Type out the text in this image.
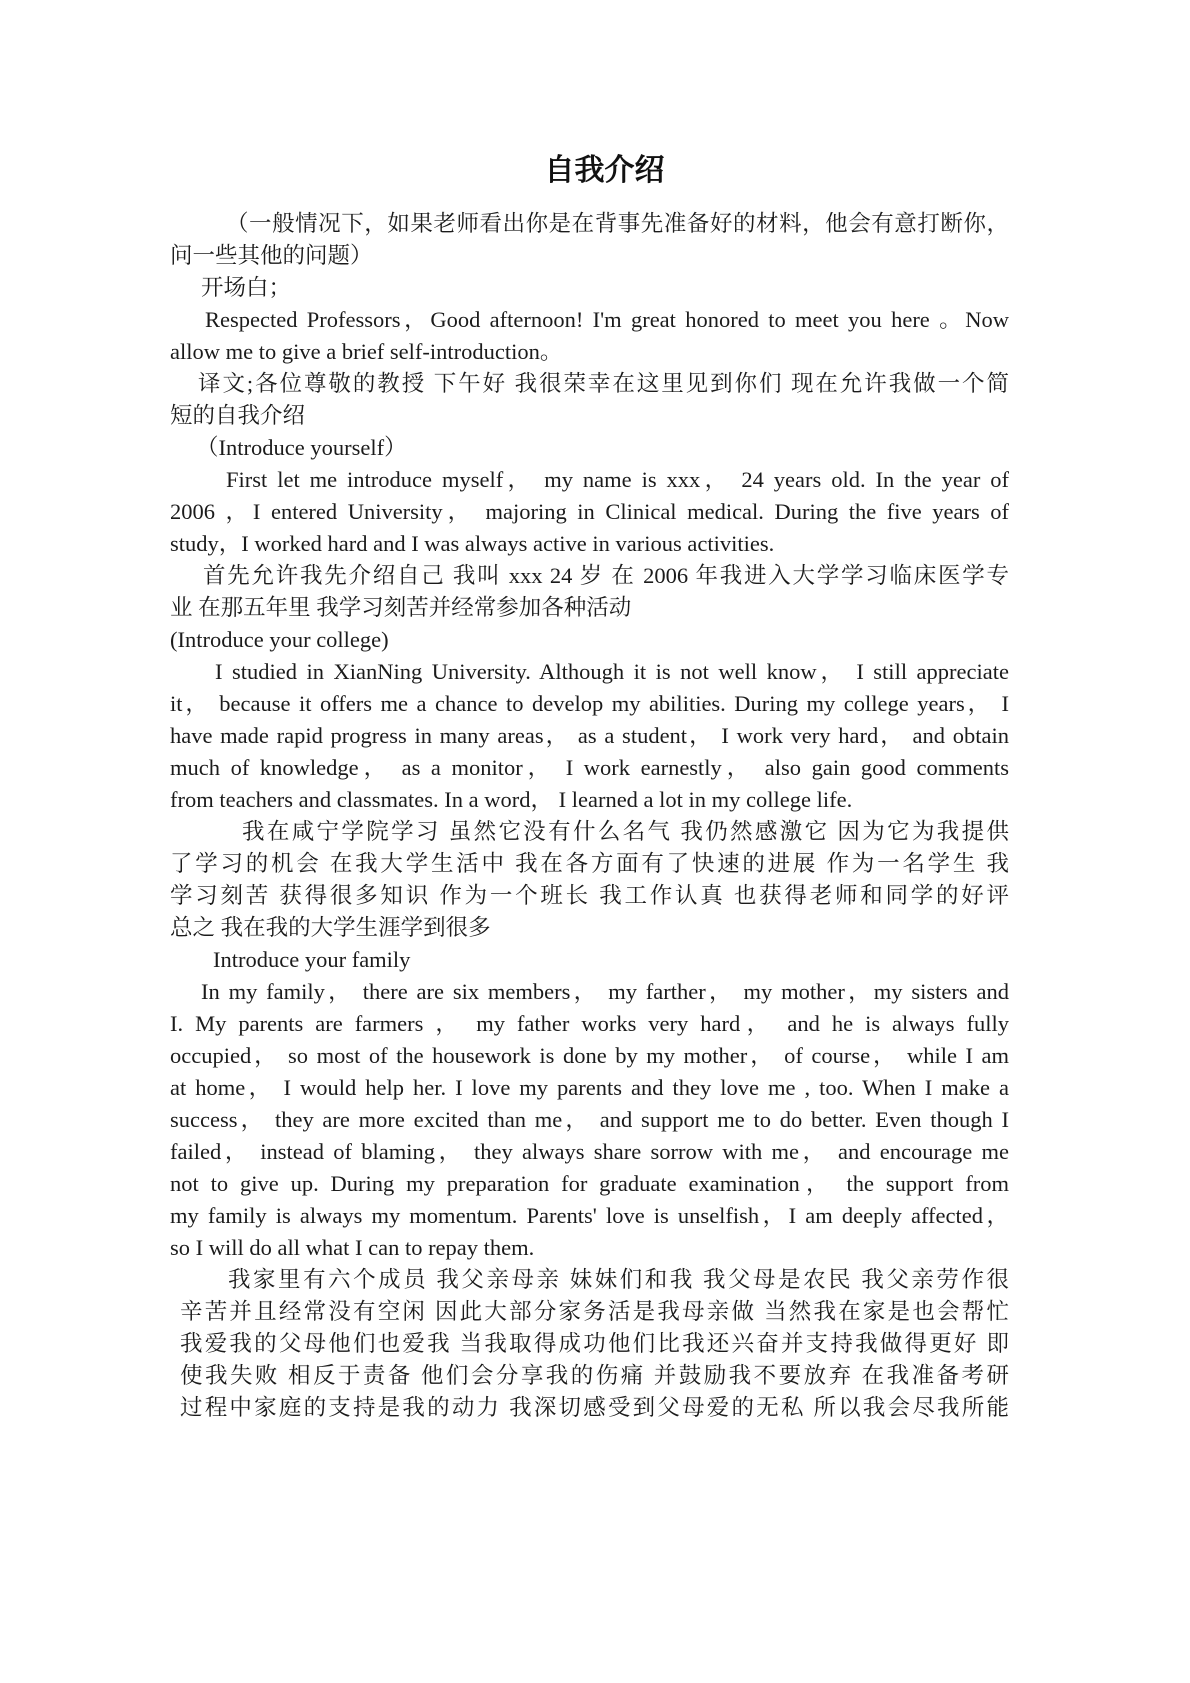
自我介绍

（一般情况下，如果老师看出你是在背事先准备好的材料，他会有意打断你，
问一些其他的问题）

开场白；

Respected Professors，Good afternoon! I'm great honored to meet you here 。Now
allow me to give a brief self-introduction。

译文;各位尊敬的教授 下午好 我很荣幸在这里见到你们 现在允许我做一个简
短的自我介绍

（Introduce yourself）

First let me introduce myself， my name is xxx， 24 years old. In the year of
2006 ，I entered University， majoring in Clinical medical. During the five years of
study，I worked hard and I was always active in various activities.

首先允许我先介绍自己 我叫 xxx 24 岁 在 2006 年我进入大学学习临床医学专
业 在那五年里 我学习刻苦并经常参加各种活动

(Introduce your college)

I studied in XianNing University. Although it is not well know， I still appreciate
it， because it offers me a chance to develop my abilities. During my college years， I
have made rapid progress in many areas， as a student， I work very hard， and obtain
much of knowledge， as a monitor， I work earnestly， also gain good comments
from teachers and classmates. In a word， I learned a lot in my college life.

我在咸宁学院学习 虽然它没有什么名气 我仍然感激它 因为它为我提供
了学习的机会 在我大学生活中 我在各方面有了快速的进展 作为一名学生 我
学习刻苦 获得很多知识 作为一个班长 我工作认真 也获得老师和同学的好评
总之 我在我的大学生涯学到很多

Introduce your family

In my family， there are six members， my farther， my mother，my sisters and
I. My parents are farmers ， my father works very hard， and he is always fully
occupied， so most of the housework is done by my mother， of course， while I am
at home， I would help her. I love my parents and they love me , too. When I make a
success， they are more excited than me， and support me to do better. Even though I
failed， instead of blaming， they always share sorrow with me， and encourage me
not to give up. During my preparation for graduate examination， the support from
my family is always my momentum. Parents' love is unselfish，I am deeply affected，
so I will do all what I can to repay them.

我家里有六个成员 我父亲母亲 妹妹们和我 我父母是农民 我父亲劳作很
辛苦并且经常没有空闲 因此大部分家务活是我母亲做 当然我在家是也会帮忙
我爱我的父母他们也爱我 当我取得成功他们比我还兴奋并支持我做得更好 即
使我失败 相反于责备 他们会分享我的伤痛 并鼓励我不要放弃 在我准备考研
过程中家庭的支持是我的动力 我深切感受到父母爱的无私 所以我会尽我所能
